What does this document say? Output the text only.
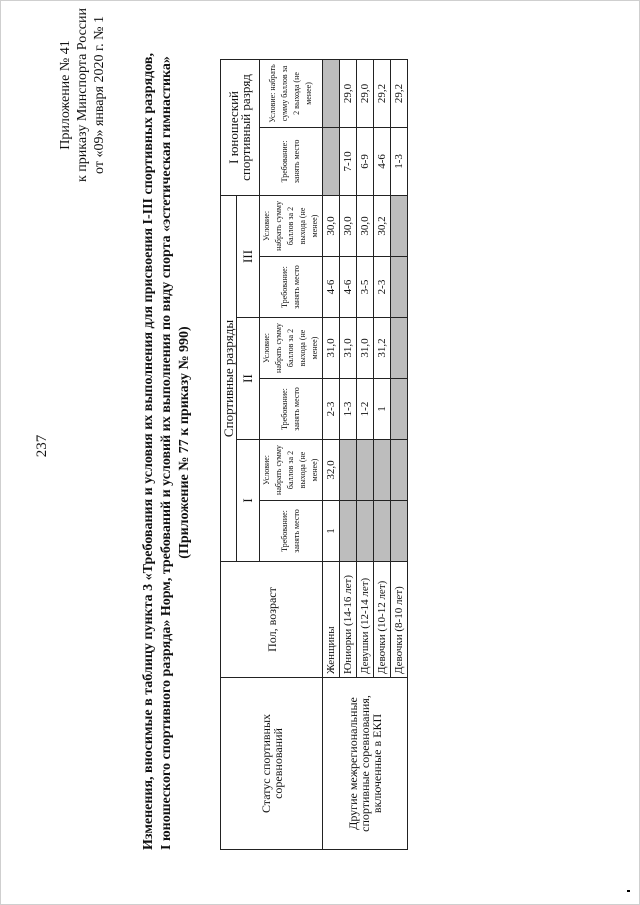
237
Приложение № 41 к приказу Минспорта России от «09» января 2020 г. № 1 Изменения, вносимые в таблицу пункта 3 «Требования и условия их выполнения для присвоения I-III спортивных разрядов, I юношеского спортивного разряда» Норм, требований и условий их выполнения по виду спорта «эстетическая гимнастика» (Приложение № 77 к приказу № 990)
Статус спортивных соревнований	Пол, возраст	Спортивные разряды						I юношеский спортивный разряд	
		I		II		III			
		Требование: занять место	Условие: набрать сумму баллов за 2 выхода (не менее)	Требование: занять место	Условие: набрать сумму баллов за 2 выхода (не менее)	Требование: занять место	Условие: набрать сумму баллов за 2 выхода (не менее)	Требование: занять место	Условие: набрать сумму баллов за 2 выхода (не менее)
Другие межрегиональные спортивные соревнования, включенные в ЕКП	Женщины	1	32,0	2-3	31,0	4-6	30,0		
	Юниорки (14-16 лет)			1-3	31,0	4-6	30,0	7-10	29,0
	Девушки (12-14 лет)			1-2	31,0	3-5	30,0	6-9	29,0
	Девочки (10-12 лет)			1	31,2	2-3	30,2	4-6	29,2
	Девочки (8-10 лет)							1-3	29,2
